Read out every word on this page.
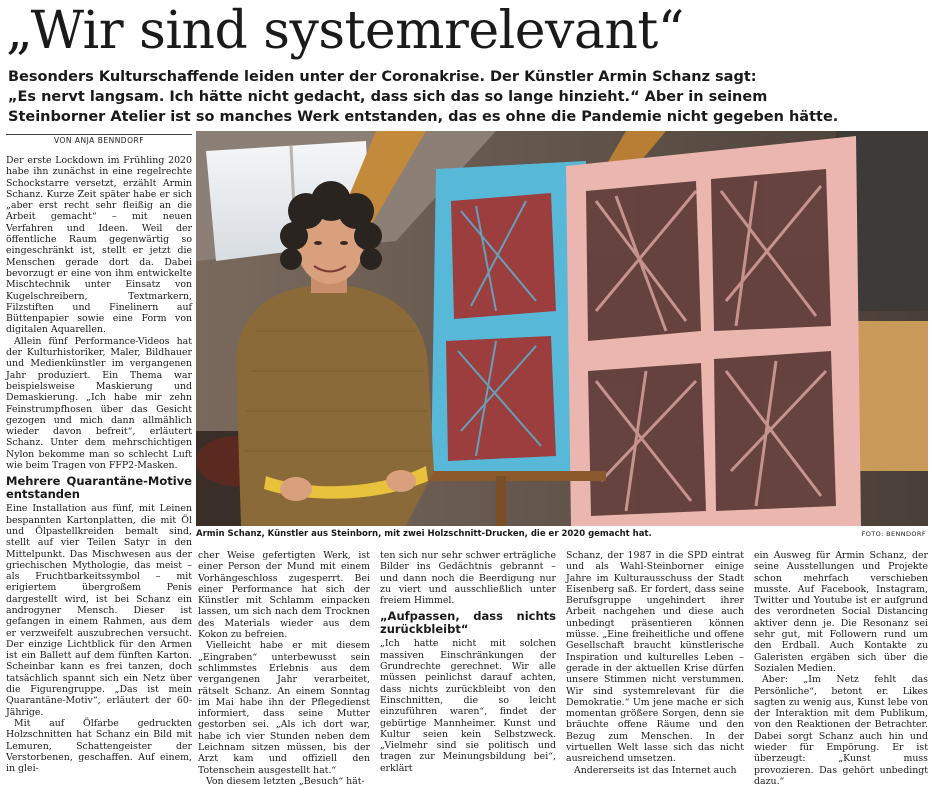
„Wir sind systemrelevant“
Besonders Kulturschaffende leiden unter der Coronakrise. Der Künstler Armin Schanz sagt:
„Es nervt langsam. Ich hätte nicht gedacht, dass sich das so lange hinzieht.“ Aber in seinem
Steinborner Atelier ist so manches Werk entstanden, das es ohne die Pandemie nicht gegeben hätte.
VON ANJA BENNDORF

Der erste Lockdown im Frühling 2020 habe ihn zunächst in eine regelrechte Schockstarre versetzt, erzählt Armin Schanz. Kurze Zeit später habe er sich „aber erst recht sehr fleißig an die Arbeit gemacht“ – mit neuen Verfahren und Ideen. Weil der öffentliche Raum gegenwärtig so eingeschränkt ist, stellt er jetzt die Menschen gerade dort da. Dabei bevorzugt er eine von ihm entwickelte Mischtechnik unter Einsatz von Kugelschreibern, Textmarkern, Filzstiften und Finelinern auf Büttenpapier sowie eine Form von digitalen Aquarellen.

Allein fünf Performance-Videos hat der Kulturhistoriker, Maler, Bildhauer und Medienkünstler im vergangenen Jahr produziert. Ein Thema war beispielsweise Maskierung und Demaskierung. „Ich habe mir zehn Feinstrumpfhosen über das Gesicht gezogen und mich dann allmählich wieder davon befreit“, erläutert Schanz. Unter dem mehrschichtigen Nylon bekomme man so schlecht Luft wie beim Tragen von FFP2-Masken.

Mehrere Quarantäne-Motive entstanden

Eine Installation aus fünf, mit Leinen bespannten Kartonplatten, die mit Öl und Ölpastellkreiden bemalt sind, stellt auf vier Teilen Satyr in den Mittelpunkt. Das Mischwesen aus der griechischen Mythologie, das meist – als Fruchtbarkeitssymbol – mit erigiertem übergroßem Penis dargestellt wird, ist bei Schanz ein androgyner Mensch. Dieser ist gefangen in einem Rahmen, aus dem er verzweifelt auszubrechen versucht. Der einzige Lichtblick für den Armen ist ein Ballett auf dem fünften Karton. Scheinbar kann es frei tanzen, doch tatsächlich spannt sich ein Netz über die Figurengruppe. „Das ist mein Quarantäne-Motiv“, erläutert der 60-Jährige.

Mit auf Ölfarbe gedruckten Holzschnitten hat Schanz ein Bild mit Lemuren, Schattengeister der Verstorbenen, geschaffen. Auf einem, in glei-

Armin Schanz, Künstler aus Steinborn, mit zwei Holzschnitt-Drucken, die er 2020 gemacht hat.	FOTO: BENNDORF

cher Weise gefertigten Werk, ist einer Person der Mund mit einem Vorhängeschloss zugesperrt. Bei einer Performance hat sich der Künstler mit Schlamm einpacken lassen, um sich nach dem Trocknen des Materials wieder aus dem Kokon zu befreien.

Vielleicht habe er mit diesem „Eingraben“ unterbewusst sein schlimmstes Erlebnis aus dem vergangenen Jahr verarbeitet, rätselt Schanz. An einem Sonntag im Mai habe ihn der Pflegedienst informiert, dass seine Mutter gestorben sei. „Als ich dort war, habe ich vier Stunden neben dem Leichnam sitzen müssen, bis der Arzt kam und offiziell den Totenschein ausgestellt hat.“

Von diesem letzten „Besuch“ hät-

ten sich nur sehr schwer erträgliche Bilder ins Gedächtnis gebrannt – und dann noch die Beerdigung nur zu viert und ausschließlich unter freiem Himmel.

„Aufpassen, dass nichts zurückbleibt“

„Ich hatte nicht mit solchen massiven Einschränkungen der Grundrechte gerechnet. Wir alle müssen peinlichst darauf achten, dass nichts zurückbleibt von den Einschnitten, die so leicht einzuführen waren“, findet der gebürtige Mannheimer. Kunst und Kultur seien kein Selbstzweck. „Vielmehr sind sie politisch und tragen zur Meinungsbildung bei“, erklärt

Schanz, der 1987 in die SPD eintrat und als Wahl-Steinborner einige Jahre im Kulturausschuss der Stadt Eisenberg saß. Er fordert, dass seine Berufsgruppe ungehindert ihrer Arbeit nachgehen und diese auch unbedingt präsentieren können müsse. „Eine freiheitliche und offene Gesellschaft braucht künstlerische Inspiration und kulturelles Leben – gerade in der aktuellen Krise dürfen unsere Stimmen nicht verstummen. Wir sind systemrelevant für die Demokratie.“ Um jene mache er sich momentan größere Sorgen, denn sie bräuchte offene Räume und den Bezug zum Menschen. In der virtuellen Welt lasse sich das nicht ausreichend umsetzen.

Andererseits ist das Internet auch

ein Ausweg für Armin Schanz, der seine Ausstellungen und Projekte schon mehrfach verschieben musste. Auf Facebook, Instagram, Twitter und Youtube ist er aufgrund des verordneten Social Distancing aktiver denn je. Die Resonanz sei sehr gut, mit Followern rund um den Erdball. Auch Kontakte zu Galeristen ergäben sich über die Sozialen Medien.

Aber: „Im Netz fehlt das Persönliche“, betont er. Likes sagten zu wenig aus, Kunst lebe von der Interaktion mit dem Publikum, von den Reaktionen der Betrachter. Dabei sorgt Schanz auch hin und wieder für Empörung. Er ist überzeugt: „Kunst muss provozieren. Das gehört unbedingt dazu.“
